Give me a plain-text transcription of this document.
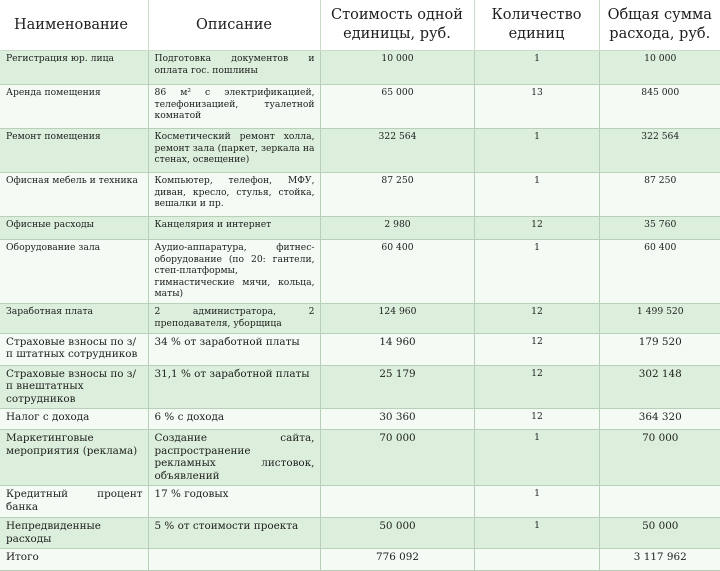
Наименование	Описание	Стоимость одной единицы, руб.	Количество единиц	Общая сумма расхода, руб.
Регистрация юр. лица	Подготовка документов и оплата гос. пошлины	10 000	1	10 000
Аренда помещения	86 м² с электрификацией, телефонизацией, туалетной комнатой	65 000	13	845 000
Ремонт помещения	Косметический ремонт холла, ремонт зала (паркет, зеркала на стенах, освещение)	322 564	1	322 564
Офисная мебель и техника	Компьютер, телефон, МФУ, диван, кресло, стулья, стойка, вешалки и пр.	87 250	1	87 250
Офисные расходы	Канцелярия и интернет	2 980	12	35 760
Оборудование зала	Аудио-аппаратура, фитнес-оборудование (по 20: гантели, степ-платформы, гимнастические мячи, кольца, маты)	60 400	1	60 400
Заработная плата	2 администратора, 2 преподавателя, уборщица	124 960	12	1 499 520
Страховые взносы по з/п штатных сотрудников	34 % от заработной платы	14 960	12	179 520
Страховые взносы по з/п внештатных сотрудников	31,1 % от заработной платы	25 179	12	302 148
Налог с дохода	6 % с дохода	30 360	12	364 320
Маркетинговые мероприятия (реклама)	Создание сайта, распространение рекламных листовок, объявлений	70 000	1	70 000
Кредитный процент банка	17 % годовых		1	
Непредвиденные расходы	5 % от стоимости проекта	50 000	1	50 000
Итого		776 092		3 117 962
